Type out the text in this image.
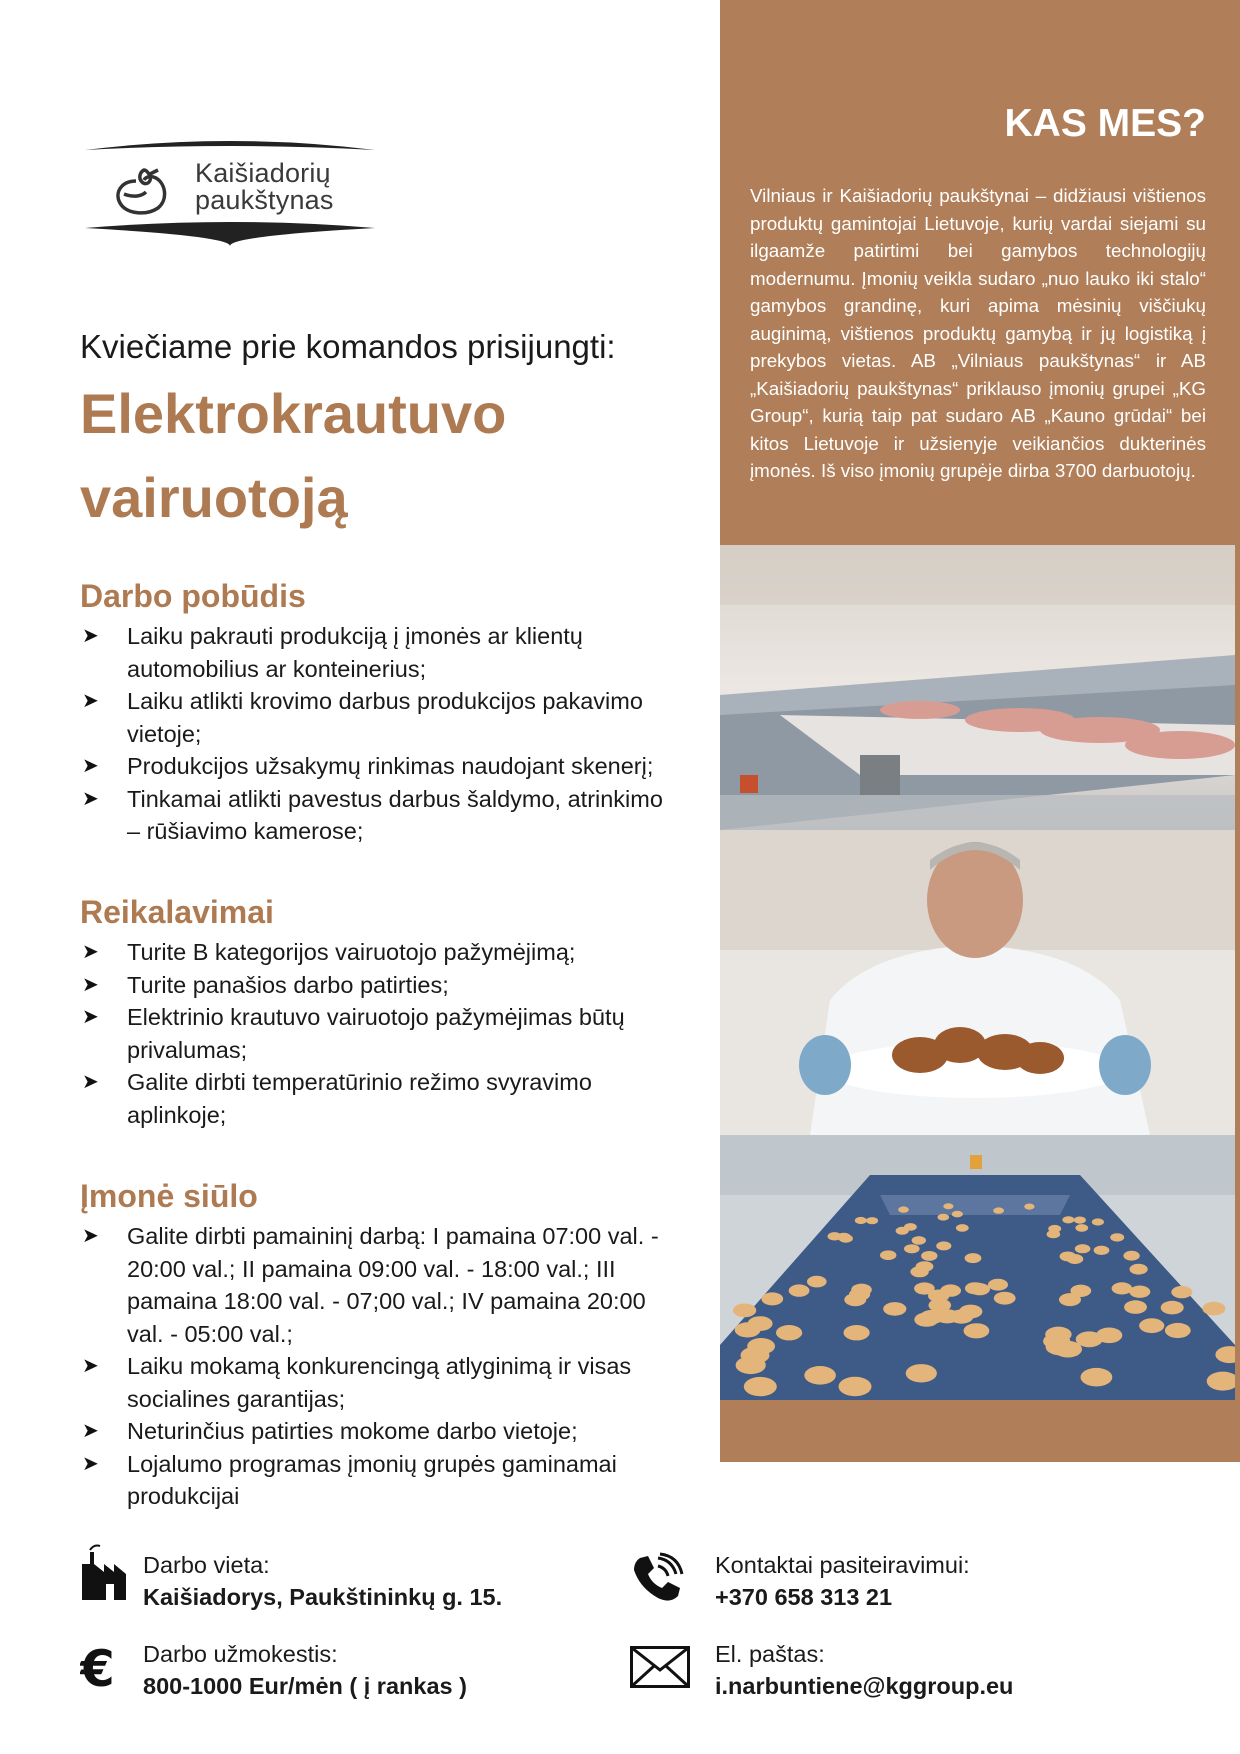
Kaišiadorių
paukštynas
Kviečiame prie komandos prisijungti:
Elektrokrautuvo vairuotoją
Darbo pobūdis
➤ Laiku pakrauti produkciją į įmonės ar klientų automobilius ar konteinerius;
➤ Laiku atlikti krovimo darbus produkcijos pakavimo vietoje;
➤ Produkcijos užsakymų rinkimas naudojant skenerį;
➤ Tinkamai atlikti pavestus darbus šaldymo, atrinkimo – rūšiavimo kamerose;
Reikalavimai
➤ Turite B kategorijos vairuotojo pažymėjimą;
➤ Turite panašios darbo patirties;
➤ Elektrinio krautuvo vairuotojo pažymėjimas būtų privalumas;
➤ Galite dirbti temperatūrinio režimo svyravimo aplinkoje;
Įmonė siūlo
➤ Galite dirbti pamaininį darbą: I pamaina 07:00 val. - 20:00 val.; II pamaina 09:00 val. - 18:00 val.; III pamaina 18:00 val. - 07;00 val.; IV pamaina 20:00 val. - 05:00 val.;
➤ Laiku mokamą konkurencingą atlyginimą ir visas socialines garantijas;
➤ Neturinčius patirties mokome darbo vietoje;
➤ Lojalumo programas įmonių grupės gaminamai produkcijai
KAS MES?
Vilniaus ir Kaišiadorių paukštynai – didžiausi vištienos produktų gamintojai Lietuvoje, kurių vardai siejami su ilgaamže patirtimi bei gamybos technologijų modernumu. Įmonių veikla sudaro „nuo lauko iki stalo“ gamybos grandinę, kuri apima mėsinių viščiukų auginimą, vištienos produktų gamybą ir jų logistiką į prekybos vietas. AB „Vilniaus paukštynas“ ir AB „Kaišiadorių paukštynas“ priklauso įmonių grupei „KG Group“, kurią taip pat sudaro AB „Kauno grūdai“ bei kitos Lietuvoje ir užsienyje veikiančios dukterinės įmonės. Iš viso įmonių grupėje dirba 3700 darbuotojų.
Darbo vieta:
Kaišiadorys, Paukštininkų g. 15.
€ Darbo užmokestis:
800-1000 Eur/mėn ( į rankas )
Kontaktai pasiteiravimui:
+370 658 313 21
El. paštas:
i.narbuntiene@kggroup.eu
